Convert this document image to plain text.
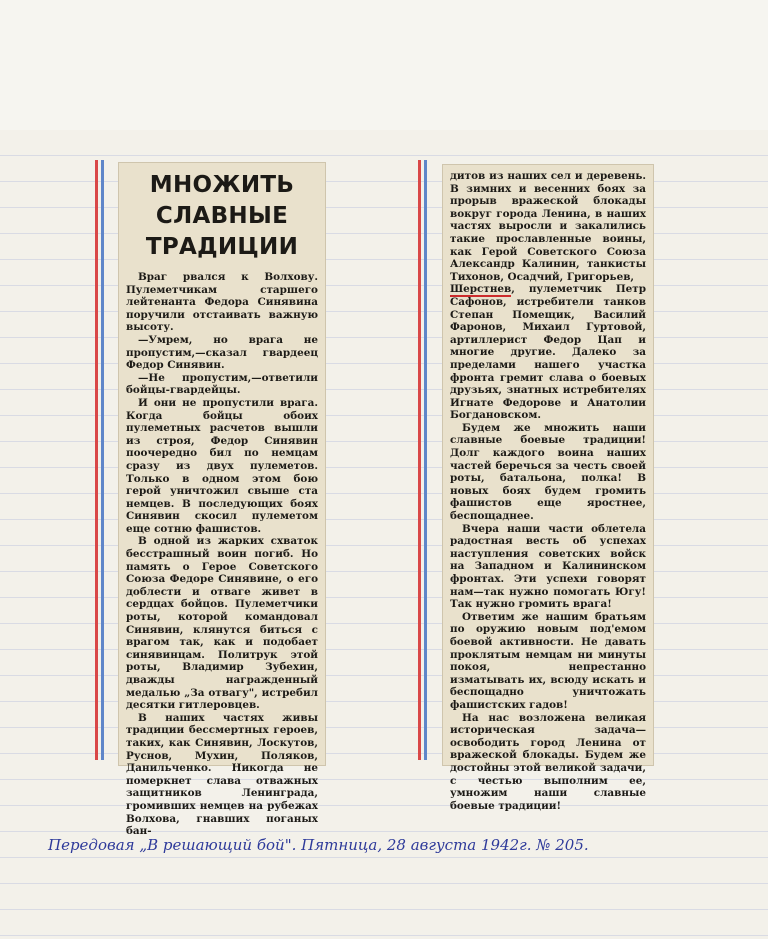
МНОЖИТЬ
СЛАВНЫЕ
ТРАДИЦИИ

Враг рвался к Волхову. Пулеметчикам старшего лейтенанта Федора Синявина поручили отстаивать важную высоту.

—Умрем, но врага не пропустим,—сказал гвардеец Федор Синявин.

—Не пропустим,—ответили бойцы-гвардейцы.

И они не пропустили врага. Когда бойцы обоих пулеметных расчетов вышли из строя, Федор Синявин поочередно бил по немцам сразу из двух пулеметов. Только в одном этом бою герой уничтожил свыше ста немцев. В последующих боях Синявин скосил пулеметом еще сотню фашистов.

В одной из жарких схваток бесстрашный воин погиб. Но память о Герое Советского Союза Федоре Синявине, о его доблести и отваге живет в сердцах бойцов. Пулеметчики роты, которой командовал Синявин, клянутся биться с врагом так, как и подобает синявинцам. Политрук этой роты, Владимир Зубехин, дважды награжденный медалью „За отвагу", истребил десятки гитлеровцев.

В наших частях живы традиции бессмертных героев, таких, как Синявин, Лоскутов, Руснов, Мухин, Поляков, Данильченко. Никогда не померкнет слава отважных защитников Ленинграда, громивших немцев на рубежах Волхова, гнавших поганых бан-

дитов из наших сел и деревень. В зимних и весенних боях за прорыв вражеской блокады вокруг города Ленина, в наших частях выросли и закалились такие прославленные воины, как Герой Советского Союза Александр Калинин, танкисты Тихонов, Осадчий, Григорьев,

Шерстнев, пулеметчик Петр Сафонов, истребители танков Степан Помещик, Василий Фаронов, Михаил Гуртовой, артиллерист Федор Цап и многие другие. Далеко за пределами нашего участка фронта гремит слава о боевых друзьях, знатных истребителях Игнате Федорове и Анатолии Богдановском.

Будем же множить наши славные боевые традиции! Долг каждого воина наших частей беречься за честь своей роты, батальона, полка! В новых боях будем громить фашистов еще яростнее, беспощаднее.

Вчера наши части облетела радостная весть об успехах наступления советских войск на Западном и Калининском фронтах. Эти успехи говорят нам—так нужно помогать Югу! Так нужно громить врага!

Ответим же нашим братьям по оружию новым под'емом боевой активности. Не давать проклятым немцам ни минуты покоя, непрестанно изматывать их, всюду искать и беспощадно уничтожать фашистских гадов!

На нас возложена великая историческая задача—освободить город Ленина от вражеской блокады. Будем же достойны этой великой задачи, с честью выполним ее, умножим наши славные боевые традиции!

Передовая „В решающий бой". Пятница, 28 августа 1942г. № 205.
